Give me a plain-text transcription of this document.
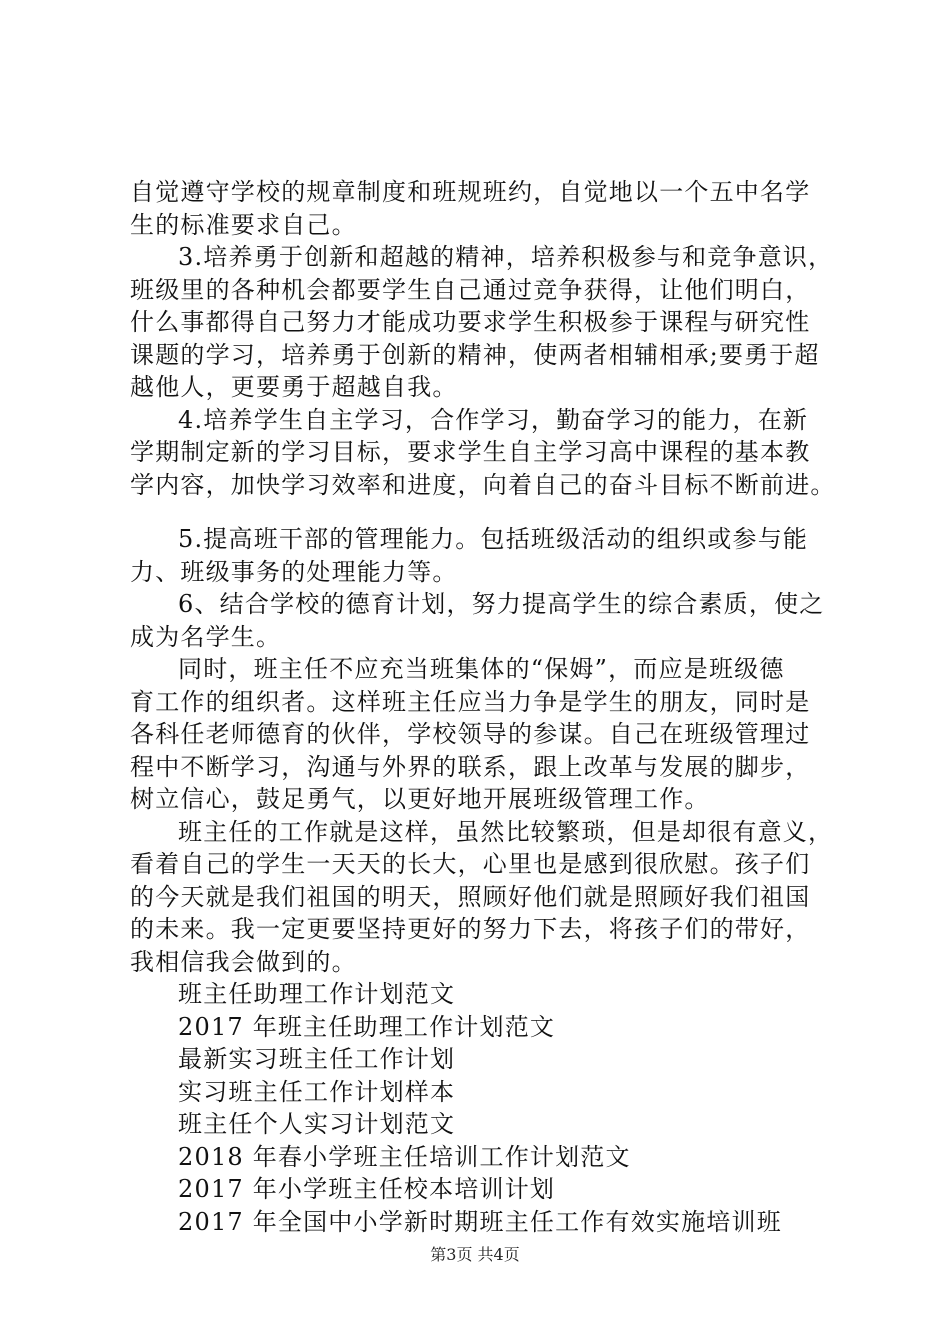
自觉遵守学校的规章制度和班规班约，自觉地以一个五中名学
生的标准要求自己。
3.培养勇于创新和超越的精神，培养积极参与和竞争意识，
班级里的各种机会都要学生自己通过竞争获得，让他们明白，
什么事都得自己努力才能成功要求学生积极参于课程与研究性
课题的学习，培养勇于创新的精神，使两者相辅相承;要勇于超
越他人，更要勇于超越自我。
4.培养学生自主学习，合作学习，勤奋学习的能力，在新
学期制定新的学习目标，要求学生自主学习高中课程的基本教
学内容，加快学习效率和进度，向着自己的奋斗目标不断前进。
5.提高班干部的管理能力。包括班级活动的组织或参与能
力、班级事务的处理能力等。
6、结合学校的德育计划，努力提高学生的综合素质，使之
成为名学生。
同时，班主任不应充当班集体的“保姆”，而应是班级德
育工作的组织者。这样班主任应当力争是学生的朋友，同时是
各科任老师德育的伙伴，学校领导的参谋。自己在班级管理过
程中不断学习，沟通与外界的联系，跟上改革与发展的脚步，
树立信心，鼓足勇气，以更好地开展班级管理工作。
班主任的工作就是这样，虽然比较繁琐，但是却很有意义，
看着自己的学生一天天的长大，心里也是感到很欣慰。孩子们
的今天就是我们祖国的明天，照顾好他们就是照顾好我们祖国
的未来。我一定更要坚持更好的努力下去，将孩子们的带好，
我相信我会做到的。
班主任助理工作计划范文
2017 年班主任助理工作计划范文
最新实习班主任工作计划
实习班主任工作计划样本
班主任个人实习计划范文
2018 年春小学班主任培训工作计划范文
2017 年小学班主任校本培训计划
2017 年全国中小学新时期班主任工作有效实施培训班
第3页 共4页
